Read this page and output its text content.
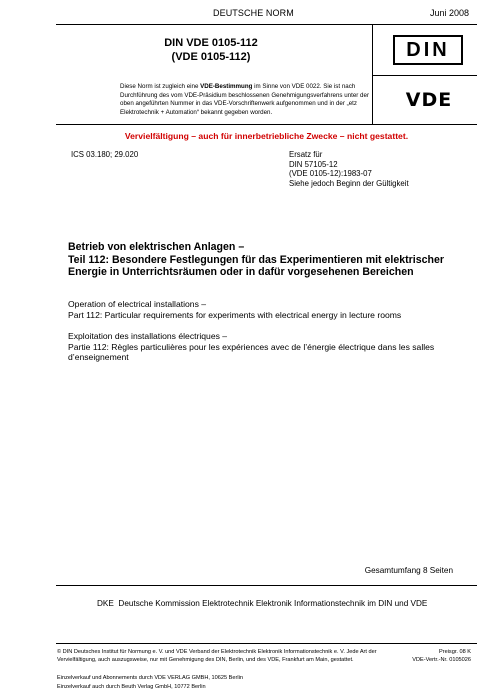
DEUTSCHE NORM	Juni 2008
DIN VDE 0105-112
(VDE 0105-112)	DIN
VDE
Diese Norm ist zugleich eine VDE-Bestimmung im Sinne von VDE 0022. Sie ist nach Durchführung des vom VDE-Präsidium beschlossenen Genehmigungsverfahrens unter der oben angeführten Nummer in das VDE-Vorschriftenwerk aufgenommen und in der „etz Elektrotechnik + Automation“ bekannt gegeben worden.
Vervielfältigung – auch für innerbetriebliche Zwecke – nicht gestattet.
ICS 03.180; 29.020	Ersatz für
DIN 57105-12
(VDE 0105-12):1983-07
Siehe jedoch Beginn der Gültigkeit
Betrieb von elektrischen Anlagen –
Teil 112: Besondere Festlegungen für das Experimentieren mit elektrischer Energie in Unterrichtsräumen oder in dafür vorgesehenen Bereichen
Operation of electrical installations –
Part 112: Particular requirements for experiments with electrical energy in lecture rooms
Exploitation des installations électriques –
Partie 112: Règles particulières pour les expériences avec de l’énergie électrique dans les salles d’enseignement
Gesamtumfang 8 Seiten
DKE Deutsche Kommission Elektrotechnik Elektronik Informationstechnik im DIN und VDE
© DIN Deutsches Institut für Normung e. V. und VDE Verband der Elektrotechnik Elektronik Informationstechnik e. V. Jede Art der Vervielfältigung, auch auszugsweise, nur mit Genehmigung des DIN, Berlin, und des VDE, Frankfurt am Main, gestattet.
Preisgr. 08 K
VDE-Vertr.-Nr. 0105026
Einzelverkauf und Abonnements durch VDE VERLAG GMBH, 10625 Berlin
Einzelverkauf auch durch Beuth Verlag GmbH, 10772 Berlin
